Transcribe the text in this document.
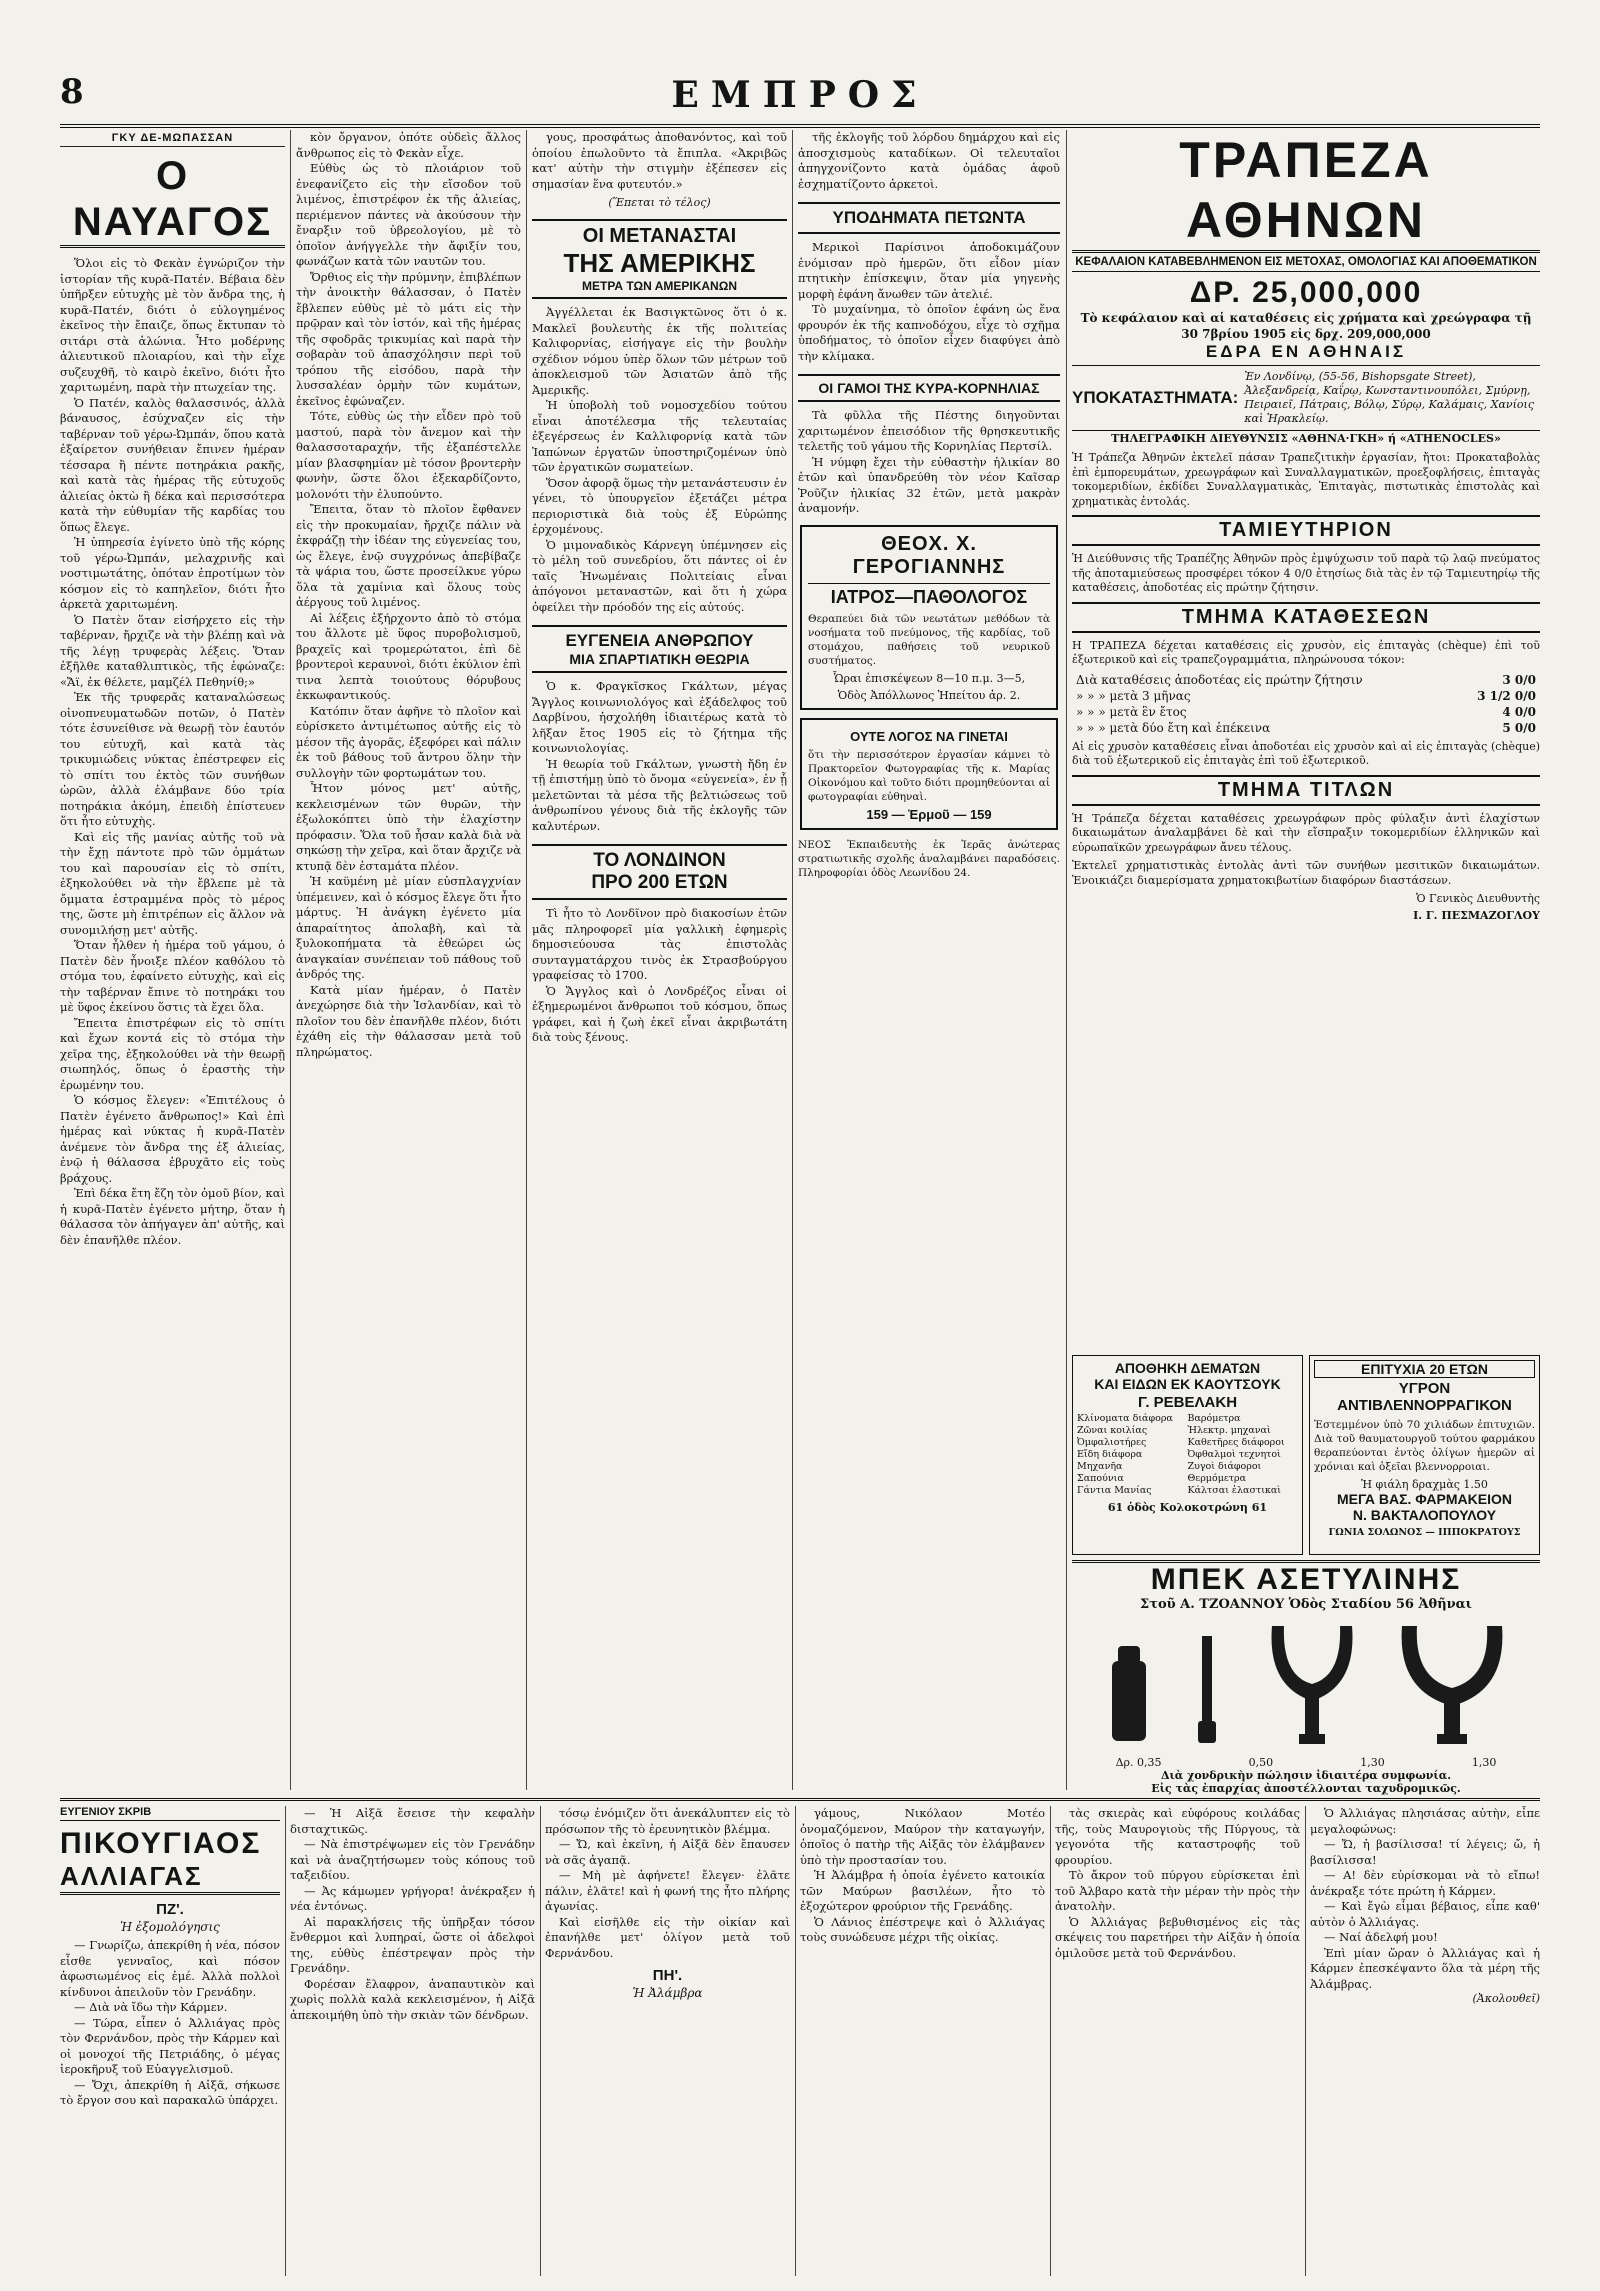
8	ΕΜΠΡΟΣ
ΓΚΥ ΔΕ-ΜΩΠΑΣΣΑΝ
Ο ΝΑΥΑΓΟΣ

Ὅλοι εἰς τὸ Φεκὰν ἐγνώριζον τὴν ἱστορίαν τῆς κυρᾶ-Πατέν. Βέβαια δὲν ὑπῆρξεν εὐτυχὴς μὲ τὸν ἄνδρα της, ἡ κυρᾶ-Πατέν, διότι ὁ εὐλογημένος ἐκεῖνος τὴν ἔπαιζε, ὅπως ἔκτυπαν τὸ σιτάρι στὰ ἁλώνια. Ἦτο μοδέρνης ἁλιευτικοῦ πλοιαρίου, καὶ τὴν εἶχε συζευχθῆ, τὸ καιρὸ ἐκεῖνο, διότι ἦτο χαριτωμένη, παρὰ τὴν πτωχείαν της.

Ὁ Πατέν, καλὸς θαλασσινός, ἀλλὰ βάναυσος, ἐσύχναζεν εἰς τὴν ταβέρναν τοῦ γέρω-Ὠμπάν, ὅπου κατὰ ἐξαίρετον συνήθειαν ἔπινεν ἡμέραν τέσσαρα ἢ πέντε ποτηράκια ρακῆς, καὶ κατὰ τὰς ἡμέρας τῆς εὐτυχοῦς ἁλιείας ὀκτὼ ἢ δέκα καὶ περισσότερα κατὰ τὴν εὐθυμίαν τῆς καρδίας του ὅπως ἔλεγε.

Ἡ ὑπηρεσία ἐγίνετο ὑπὸ τῆς κόρης τοῦ γέρω-Ὠμπάν, μελαχρινῆς καὶ νοστιμωτάτης, ὁπόταν ἐπροτίμων τὸν κόσμον εἰς τὸ καπηλεῖον, διότι ἦτο ἀρκετὰ χαριτωμένη.

Ὁ Πατὲν ὅταν εἰσήρχετο εἰς τὴν ταβέρναν, ἤρχιζε νὰ τὴν βλέπῃ καὶ νὰ τῆς λέγῃ τρυφερὰς λέξεις. Ὅταν ἐξῆλθε καταθλιπτικὸς, τῆς ἐφώναζε: «Ἄϊ, ἐκ θέλετε, μαμζέλ Πεθηνίθ;»

Ἐκ τῆς τρυφερᾶς καταναλώσεως οἰνοπνευματωδῶν ποτῶν, ὁ Πατὲν τότε ἐσυνείθισε νὰ θεωρῇ τὸν ἑαυτόν του εὐτυχῆ, καὶ κατὰ τὰς τρικυμιώδεις νύκτας ἐπέστρεφεν εἰς τὸ σπίτι του ἐκτὸς τῶν συνήθων ὡρῶν, ἀλλὰ ἐλάμβανε δύο τρία ποτηράκια ἀκόμη, ἐπειδὴ ἐπίστευεν ὅτι ἦτο εὐτυχὴς.

Καὶ εἰς τῆς μανίας αὐτῆς τοῦ νὰ τὴν ἔχῃ πάντοτε πρὸ τῶν ὀμμάτων του καὶ παρουσίαν εἰς τὸ σπίτι, ἐξηκολούθει νὰ τὴν ἔβλεπε μὲ τὰ ὄμματα ἐστραμμένα πρὸς τὸ μέρος της, ὥστε μὴ ἐπιτρέπων εἰς ἄλλον νὰ συνομιλήσῃ μετ' αὐτῆς.

Ὅταν ἦλθεν ἡ ἡμέρα τοῦ γάμου, ὁ Πατὲν δὲν ἦνοιξε πλέον καθόλου τὸ στόμα του, ἐφαίνετο εὐτυχὴς, καὶ εἰς τὴν ταβέρναν ἔπινε τὸ ποτηράκι του μὲ ὕφος ἐκείνου ὅστις τὰ ἔχει ὅλα.

Ἔπειτα ἐπιστρέφων εἰς τὸ σπίτι καὶ ἔχων κοντά εἰς τὸ στόμα τὴν χεῖρα της, ἐξηκολούθει νὰ τὴν θεωρῇ σιωπηλός, ὅπως ὁ ἐραστὴς τὴν ἐρωμένην του.

Ὁ κόσμος ἔλεγεν: «Ἐπιτέλους ὁ Πατὲν ἐγένετο ἄνθρωπος!» Καὶ ἐπὶ ἡμέρας καὶ νύκτας ἡ κυρᾶ-Πατὲν ἀνέμενε τὸν ἄνδρα της ἐξ ἁλιείας, ἐνῷ ἡ θάλασσα ἐβρυχᾶτο εἰς τοὺς βράχους.

Ἐπὶ δέκα ἔτη ἔζη τὸν ὁμοῦ βίον, καὶ ἡ κυρᾶ-Πατὲν ἐγένετο μήτηρ, ὅταν ἡ θάλασσα τὸν ἀπήγαγεν ἀπ' αὐτῆς, καὶ δὲν ἐπανῆλθε πλέον.

κὸν ὄργανον, ὁπότε οὐδεὶς ἄλλος ἄνθρωπος εἰς τὸ Φεκὰν εἶχε.

Εὐθὺς ὡς τὸ πλοιάριον τοῦ ἐνεφανίζετο εἰς τὴν εἴσοδον τοῦ λιμένος, ἐπιστρέφον ἐκ τῆς ἁλιείας, περιέμενον πάντες νὰ ἀκούσουν τὴν ἔναρξιν τοῦ ὑβρεολογίου, μὲ τὸ ὁποῖον ἀνήγγελλε τὴν ἄφιξίν του, φωνάζων κατὰ τῶν ναυτῶν του.

Ὄρθιος εἰς τὴν πρύμνην, ἐπιβλέπων τὴν ἀνοικτὴν θάλασσαν, ὁ Πατὲν ἔβλεπεν εὐθὺς μὲ τὸ μάτι εἰς τὴν πρῷραν καὶ τὸν ἱστόν, καὶ τῆς ἡμέρας τῆς σφοδρᾶς τρικυμίας καὶ παρὰ τὴν σοβαρὰν τοῦ ἀπασχόλησιν περὶ τοῦ τρόπου τῆς εἰσόδου, παρὰ τὴν λυσσαλέαν ὁρμὴν τῶν κυμάτων, ἐκεῖνος ἐφώναζεν.

Τότε, εὐθὺς ὡς τὴν εἶδεν πρὸ τοῦ μαστού, παρὰ τὸν ἄνεμον καὶ τὴν θαλασσοταραχήν, τῆς ἐξαπέστελλε μίαν βλασφημίαν μὲ τόσον βροντερὴν φωνὴν, ὥστε ὅλοι ἐξεκαρδίζοντο, μολονότι τὴν ἐλυπούντο.

Ἔπειτα, ὅταν τὸ πλοῖον ἔφθανεν εἰς τὴν προκυμαίαν, ἤρχιζε πάλιν νὰ ἐκφράζῃ τὴν ἰδέαν της εὐγενείας του, ὡς ἔλεγε, ἐνῷ συγχρόνως ἀπεβίβαζε τὰ ψάρια του, ὥστε προσείλκυε γύρω ὅλα τὰ χαμίνια καὶ ὅλους τοὺς ἀέργους τοῦ λιμένος.

Αἱ λέξεις ἐξήρχοντο ἀπὸ τὸ στόμα του ἄλλοτε μὲ ὕφος πυροβολισμοῦ, βραχεῖς καὶ τρομερώτατοι, ἐπὶ δὲ βροντεροὶ κεραυνοὶ, διότι ἐκύλιον ἐπὶ τινα λεπτὰ τοιούτους θόρυβους ἐκκωφαντικούς.

Κατόπιν ὅταν ἀφῆνε τὸ πλοῖον καὶ εὑρίσκετο ἀντιμέτωπος αὐτῆς εἰς τὸ μέσον τῆς ἀγορᾶς, ἐξεφόρει καὶ πάλιν ἐκ τοῦ βάθους τοῦ ἄντρου ὅλην τὴν συλλογὴν τῶν φορτωμάτων του.

Ἦτον μόνος μετ' αὐτῆς, κεκλεισμένων τῶν θυρῶν, τὴν ἐξωλοκόπτει ὑπὸ τὴν ἐλαχίστην πρόφασιν. Ὅλα τοῦ ἦσαν καλὰ διὰ νὰ σηκώσῃ τὴν χεῖρα, καὶ ὅταν ἄρχιζε νὰ κτυπᾷ δὲν ἐσταμάτα πλέον.

Ἡ καϋμένη μὲ μίαν εὐσπλαγχνίαν ὑπέμεινεν, καὶ ὁ κόσμος ἔλεγε ὅτι ἦτο μάρτυς. Ἡ ἀνάγκη ἐγένετο μία ἀπαραίτητος ἀπολαβὴ, καὶ τὰ ξυλοκοπήματα τὰ ἐθεώρει ὡς ἀναγκαίαν συνέπειαν τοῦ πάθους τοῦ ἀνδρός της.

Κατὰ μίαν ἡμέραν, ὁ Πατὲν ἀνεχώρησε διὰ τὴν Ἰσλανδίαν, καὶ τὸ πλοῖον του δὲν ἐπανῆλθε πλέον, διότι ἐχάθη εἰς τὴν θάλασσαν μετὰ τοῦ πληρώματος.

γους, προσφάτως ἀποθανόντος, καὶ τοῦ ὁποίου ἐπωλοῦντο τὰ ἔπιπλα. «Ἀκριβῶς κατ' αὐτὴν τὴν στιγμὴν ἐξέπεσεν εἰς σημασίαν ἕνα φυτευτόν.»

(Ἕπεται τὸ τέλος)
ΟΙ ΜΕΤΑΝΑΣΤΑΙ
ΤΗΣ ΑΜΕΡΙΚΗΣ
ΜΕΤΡΑ ΤΩΝ ΑΜΕΡΙΚΑΝΩΝ

Ἀγγέλλεται ἐκ Βασιγκτῶνος ὅτι ὁ κ. Μακλεϊ βουλευτὴς ἐκ τῆς πολιτείας Καλιφορνίας, εἰσήγαγε εἰς τὴν βουλὴν σχέδιον νόμου ὑπὲρ ὅλων τῶν μέτρων τοῦ ἀποκλεισμοῦ τῶν Ἀσιατῶν ἀπὸ τῆς Ἀμερικῆς.

Ἡ ὑποβολὴ τοῦ νομοσχεδίου τούτου εἶναι ἀποτέλεσμα τῆς τελευταίας ἐξεγέρσεως ἐν Καλλιφορνίᾳ κατὰ τῶν Ἰαπώνων ἐργατῶν ὑποστηριζομένων ὑπὸ τῶν ἐργατικῶν σωματείων.

Ὅσον ἀφορᾷ ὅμως τὴν μετανάστευσιν ἐν γένει, τὸ ὑπουργεῖον ἐξετάζει μέτρα περιοριστικὰ διὰ τοὺς ἐξ Εὐρώπης ἐρχομένους.

Ὁ μιμοναδικὸς Κάρνεγη ὑπέμνησεν εἰς τὸ μέλη τοῦ συνεδρίου, ὅτι πάντες οἱ ἐν ταῖς Ἡνωμέναις Πολιτείαις εἶναι ἀπόγονοι μεταναστῶν, καὶ ὅτι ἡ χώρα ὀφείλει τὴν πρόοδόν της εἰς αὐτούς.

ΕΥΓΕΝΕΙΑ ΑΝΘΡΩΠΟΥ
ΜΙΑ ΣΠΑΡΤΙΑΤΙΚΗ ΘΕΩΡΙΑ

Ὁ κ. Φραγκῖσκος Γκάλτων, μέγας Ἄγγλος κοινωνιολόγος καὶ ἐξάδελφος τοῦ Δαρβίνου, ἠσχολήθη ἰδιαιτέρως κατὰ τὸ λῆξαν ἔτος 1905 εἰς τὸ ζήτημα τῆς κοινωνιολογίας.

Ἡ θεωρία τοῦ Γκάλτων, γνωστὴ ἤδη ἐν τῇ ἐπιστήμῃ ὑπὸ τὸ ὄνομα «εὐγενεία», ἐν ᾗ μελετῶνται τὰ μέσα τῆς βελτιώσεως τοῦ ἀνθρωπίνου γένους διὰ τῆς ἐκλογῆς τῶν καλυτέρων.

ΤΟ ΛΟΝΔΙΝΟΝ
ΠΡΟ 200 ΕΤΩΝ

Τὶ ἦτο τὸ Λονδῖνον πρὸ διακοσίων ἐτῶν μᾶς πληροφορεῖ μία γαλλικὴ ἐφημερὶς δημοσιεύουσα τὰς ἐπιστολὰς συνταγματάρχου τινὸς ἐκ Στρασβούργου γραφείσας τὸ 1700.

Ὁ Ἄγγλος καὶ ὁ Λονδρέζος εἶναι οἱ ἐξημερωμένοι ἄνθρωποι τοῦ κόσμου, ὅπως γράφει, καὶ ἡ ζωὴ ἐκεῖ εἶναι ἀκριβωτάτη διὰ τοὺς ξένους.

τῆς ἐκλογῆς τοῦ λόρδου δημάρχου καὶ εἰς ἀποσχισμοὺς καταδίκων. Οἱ τελευταῖοι ἀπηγχονίζοντο κατὰ ὁμάδας ἀφοῦ ἐσχηματίζοντο ἀρκετοὶ.

ΥΠΟΔΗΜΑΤΑ ΠΕΤΩΝΤΑ

Μερικοὶ Παρίσινοι ἀποδοκιμάζουν ἐνόμισαν πρὸ ἡμερῶν, ὅτι εἶδον μίαν πτητικὴν ἐπίσκεψιν, ὅταν μία γηγενὴς μορφὴ ἐφάνη ἄνωθεν τῶν ἀτελιέ.

Τὸ μυχαίνημα, τὸ ὁποῖον ἐφάνη ὡς ἕνα φρουρόν ἐκ τῆς καπνοδόχου, εἶχε τὸ σχῆμα ὑποδήματος, τὸ ὁποῖον εἶχεν διαφύγει ἀπὸ τὴν κλίμακα.

ΟΙ ΓΑΜΟΙ ΤΗΣ ΚΥΡΑ-ΚΟΡΝΗΛΙΑΣ

Τὰ φῦλλα τῆς Πέστης διηγοῦνται χαριτωμένον ἐπεισόδιον τῆς θρησκευτικῆς τελετῆς τοῦ γάμου τῆς Κορνηλίας Περτσίλ.

Ἡ νύμφη ἔχει τὴν εὐθαστὴν ἡλικίαν 80 ἐτῶν καὶ ὑπανδρεύθη τὸν νέον Καῖσαρ Ῥοῦζιν ἡλικίας 32 ἐτῶν, μετὰ μακρὰν ἀναμονήν.

ΘΕΟΧ. Χ. ΓΕΡΟΓΙΑΝΝΗΣ
ΙΑΤΡΟΣ—ΠΑΘΟΛΟΓΟΣ
Θεραπεύει διὰ τῶν νεωτάτων μεθόδων τὰ νοσήματα τοῦ πνεύμονος, τῆς καρδίας, τοῦ στομάχου, παθήσεις τοῦ νευρικοῦ συστήματος.
Ὧραι ἐπισκέψεων 8—10 π.μ. 3—5,
Ὁδὸς Ἀπόλλωνος Ἡπείτου ἀρ. 2.
ΟΥΤΕ ΛΟΓΟΣ ΝΑ ΓΙΝΕΤΑΙ
ὅτι τὴν περισσότερον ἐργασίαν κάμνει τὸ Πρακτορεῖον Φωτογραφίας τῆς κ. Μαρίας Οἰκονόμου καὶ τοῦτο διότι προμηθεύονται αἱ φωτογραφίαι εὐθηναὶ.
159 — Ἑρμοῦ — 159
ΝΕΟΣ Ἐκπαιδευτὴς ἐκ Ἱερᾶς ἀνώτερας στρατιωτικῆς σχολῆς ἀναλαμβάνει παραδόσεις. Πληροφορίαι ὁδὸς Λεωνίδου 24.
ΤΡΑΠΕΖΑ ΑΘΗΝΩΝ
ΚΕΦΑΛΑΙΟΝ ΚΑΤΑΒΕΒΛΗΜΕΝΟΝ ΕΙΣ ΜΕΤΟΧΑΣ, ΟΜΟΛΟΓΙΑΣ ΚΑΙ ΑΠΟΘΕΜΑΤΙΚΟΝ
ΔΡ. 25,000,000
Τὸ κεφάλαιον καὶ αἱ καταθέσεις εἰς χρήματα καὶ χρεώγραφα τῇ 30 7βρίου 1905 εἰς δρχ. 209,000,000
ΕΔΡΑ ΕΝ ΑΘΗΝΑΙΣ
ΥΠΟΚΑΤΑΣΤΗΜΑΤΑ:
Ἐν Λονδίνῳ, (55-56, Bishopsgate Street), Ἀλεξανδρείᾳ, Καΐρῳ, Κωνσταντινουπόλει, Σμύρνῃ, Πειραιεῖ, Πάτραις, Βόλῳ, Σύρῳ, Καλάμαις, Χανίοις καὶ Ἡρακλείῳ.
ΤΗΛΕΓΡΑΦΙΚΗ ΔΙΕΥΘΥΝΣΙΣ «ΑΘΗΝΑ·ΓΚΗ» ή «ATHENOCLES»
Ἡ Τράπεζα Ἀθηνῶν ἐκτελεῖ πάσαν Τραπεζιτικὴν ἐργασίαν, ἤτοι: Προκαταβολὰς ἐπὶ ἐμπορευμάτων, χρεωγράφων καὶ Συναλλαγματικῶν, προεξοφλήσεις, ἐπιταγὰς τοκομεριδίων, ἐκδίδει Συναλλαγματικὰς, Ἐπιταγὰς, πιστωτικὰς ἐπιστολὰς καὶ χρηματικὰς ἐντολάς.
ΤΑΜΙΕΥΤΗΡΙΟΝ
Ἡ Διεύθυνσις τῆς Τραπέζης Ἀθηνῶν πρὸς ἐμψύχωσιν τοῦ παρὰ τῷ λαῷ πνεύματος τῆς ἀποταμιεύσεως προσφέρει τόκον 4 0/0 ἐτησίως διὰ τὰς ἐν τῷ Ταμιευτηρίῳ τῆς καταθέσεις, ἀποδοτέας εἰς πρώτην ζήτησιν.
ΤΜΗΜΑ ΚΑΤΑΘΕΣΕΩΝ
Η ΤΡΑΠΕΖΑ δέχεται καταθέσεις εἰς χρυσὸν, εἰς ἐπιταγὰς (chèque) ἐπὶ τοῦ ἐξωτερικοῦ καὶ εἰς τραπεζογραμμάτια, πληρώνουσα τόκον:
Διὰ καταθέσεις ἀποδοτέας εἰς πρώτην ζήτησιν	3 0/0
» » » μετὰ 3 μῆνας	3 1/2 0/0
» » » μετὰ ἓν ἔτος	4 0/0
» » » μετὰ δύο ἔτη καὶ ἐπέκεινα	5 0/0
Αἱ εἰς χρυσὸν καταθέσεις εἶναι ἀποδοτέαι εἰς χρυσὸν καὶ αἱ εἰς ἐπιταγὰς (chèque) διὰ τοῦ ἐξωτερικοῦ εἰς ἐπιταγὰς ἐπὶ τοῦ ἐξωτερικοῦ.
ΤΜΗΜΑ ΤΙΤΛΩΝ
Ἡ Τράπεζα δέχεται καταθέσεις χρεωγράφων πρὸς φύλαξιν ἀντὶ ἐλαχίστων δικαιωμάτων ἀναλαμβάνει δὲ καὶ τὴν εἴσπραξιν τοκομεριδίων ἑλληνικῶν καὶ εὐρωπαϊκῶν χρεωγράφων ἄνευ τέλους.
Ἐκτελεῖ χρηματιστικὰς ἐντολὰς ἀντὶ τῶν συνήθων μεσιτικῶν δικαιωμάτων. Ἐνοικιάζει διαμερίσματα χρηματοκιβωτίων διαφόρων διαστάσεων.
Ὁ Γενικὸς Διευθυντὴς
Ι. Γ. ΠΕΣΜΑΖΟΓΛΟΥ
ΑΠΟΘΗΚΗ ΔΕΜΑΤΩΝ
ΚΑΙ ΕΙΔΩΝ ΕΚ ΚΑΟΥΤΣΟΥΚ
Γ. ΡΕΒΕΛΑΚΗ
Κλίνοματα διάφορα	Βαρόμετρα
Ζῶναι κοιλίας	Ἠλεκτρ. μηχαναὶ
Ὀμφαλιοτήρες	Καθετῆρες διάφοροι
Εἴδη διάφορα	Ὀφθαλμοὶ τεχνητοὶ
Μηχανῆα	Ζυγοὶ διάφοροι
Σαπούνια	Θερμόμετρα
Γάντια Μανίας	Κάλτσαι ἐλαστικαὶ
61 ὁδὸς Κολοκοτρώνη 61
ΕΠΙΤΥΧΙΑ 20 ΕΤΩΝ
ΥΓΡΟΝ ΑΝΤΙΒΛΕΝΝΟΡΡΑΓΙΚΟΝ
Ἐστεμμένον ὑπὸ 70 χιλιάδων ἐπιτυχιῶν. Διὰ τοῦ θαυματουργοῦ τούτου φαρμάκου θεραπεύονται ἐντὸς ὀλίγων ἡμερῶν αἱ χρόνιαι καὶ ὀξεῖαι βλεννορροιαι.
Ἡ φιάλη δραχμὰς 1.50
ΜΕΓΑ ΒΑΣ. ΦΑΡΜΑΚΕΙΟΝ
Ν. ΒΑΚΤΑΛΟΠΟΥΛΟΥ
ΓΩΝΙΑ ΣΟΛΩΝΟΣ — ΙΠΠΟΚΡΑΤΟΥΣ
ΜΠΕΚ ΑΣΕΤΥΛΙΝΗΣ
Στοῦ Α. ΤΖΟΑΝΝΟΥ Ὁδὸς Σταδίου 56 Ἀθῆναι
Δρ. 0,35	0,50	1,30	1,30
Διὰ χονδρικὴν πώλησιν ἰδιαιτέρα συμφωνία.
Εἰς τὰς ἐπαρχίας ἀποστέλλονται ταχυδρομικῶς.
ΕΥΓΕΝΙΟΥ ΣΚΡΙΒ
ΠΙΚΟΥΓΙΑΟΣ
ΑΛΛΙΑΓΑΣ
ΠΖ'.
Ἡ ἐξομολόγησις

— Γνωρίζω, ἀπεκρίθη ἡ νέα, πόσον εἶσθε γενναῖος, καὶ πόσον ἀφωσιωμένος εἰς ἐμέ. Ἀλλὰ πολλοὶ κίνδυνοι ἀπειλοῦν τὸν Γρενάδην.

— Διὰ νὰ ἴδω τὴν Κάρμεν.

— Τώρα, εἶπεν ὁ Ἀλλιάγας πρὸς τὸν Φερνάνδον, πρὸς τὴν Κάρμεν καὶ οἱ μονοχοί τῆς Πετριάδης, ὁ μέγας ἱεροκῆρυξ τοῦ Εὐαγγελισμοῦ.

— Ὄχι, ἀπεκρίθη ἡ Αἰξᾶ, σήκωσε τὸ ἔργον σου καὶ παρακαλῶ ὑπάρχει.

— Ἡ Αἰξᾶ ἔσεισε τὴν κεφαλὴν δισταχτικῶς.

— Νὰ ἐπιστρέψωμεν εἰς τὸν Γρενάδην καὶ νὰ ἀναζητήσωμεν τοὺς κόπους τοῦ ταξειδίου.

— Ἀς κάμωμεν γρήγορα! ἀνέκραξεν ἡ νέα ἐντόνως.

Αἱ παρακλήσεις τῆς ὑπῆρξαν τόσον ἔνθερμοι καὶ λυπηραί, ὥστε οἱ ἀδελφοὶ της, εὐθὺς ἐπέστρεψαν πρὸς τὴν Γρενάδην.

Φορέσαν ἔλαφρον, ἀναπαυτικὸν καὶ χωρὶς πολλὰ καλὰ κεκλεισμένον, ἡ Αἰξᾶ ἀπεκοιμήθη ὑπὸ τὴν σκιὰν τῶν δένδρων.

τόσῳ ἐνόμιζεν ὅτι ἀνεκάλυπτεν εἰς τὸ πρόσωπον τῆς τὸ ἐρευνητικὸν βλέμμα.

— Ὤ, καὶ ἐκεῖνη, ἡ Αἰξᾶ δὲν ἔπαυσεν νὰ σᾶς ἀγαπᾷ.

— Μὴ μὲ ἀφήνετε! ἔλεγεν· ἐλᾶτε πάλιν, ἐλᾶτε! καὶ ἡ φωνή της ἦτο πλήρης ἀγωνίας.

Καὶ εἰσῆλθε εἰς τὴν οἰκίαν καὶ ἐπανήλθε μετ' ὀλίγον μετὰ τοῦ Φερνάνδου.

ΠΗ'.
Ἡ Ἀλάμβρα

γάμους, Νικόλαον Μοτέο ὀνομαζόμενον, Μαύρον τὴν καταγωγήν, ὁποῖος ὁ πατὴρ τῆς Αἰξᾶς τὸν ἐλάμβανεν ὑπὸ τὴν προστασίαν του.

Ἡ Ἀλάμβρα ἡ ὁποία ἐγένετο κατοικία τῶν Μαύρων βασιλέων, ἦτο τὸ ἐξοχώτερον φρούριον τῆς Γρενάδης.

Ὁ Λάνιος ἐπέστρεψε καὶ ὁ Ἀλλιάγας τοὺς συνώδευσε μέχρι τῆς οἰκίας.

τὰς σκιερὰς καὶ εὐφόρους κοιλάδας τῆς, τοὺς Μαυρογιοὺς τῆς Πύργους, τὰ γεγονότα τῆς καταστροφῆς τοῦ φρουρίου.

Τὸ ἄκρον τοῦ πύργου εὑρίσκεται ἐπὶ τοῦ Ἀλβαρο κατὰ τὴν μέραν τὴν πρὸς τὴν ἀνατολὴν.

Ὁ Ἀλλιάγας βεβυθισμένος εἰς τὰς σκέψεις του παρετήρει τὴν Αἰξᾶν ἡ ὁποία ὁμιλοῦσε μετὰ τοῦ Φερνάνδου.

Ὁ Ἀλλιάγας πλησιάσας αὐτὴν, εἶπε μεγαλοφώνως:

— Ὤ, ἡ βασίλισσα! τί λέγεις; ὤ, ἡ βασίλισσα!

— Α! δὲν εὑρίσκομαι νὰ τὸ εἴπω! ἀνέκραξε τότε πρώτη ἡ Κάρμεν.

— Καὶ ἔγὼ εἶμαι βέβαιος, εἶπε καθ' αὐτὸν ὁ Ἀλλιάγας.

— Ναί ἀδελφή μου!

Ἐπὶ μίαν ὥραν ὁ Ἀλλιάγας καὶ ἡ Κάρμεν ἐπεσκέψαντο ὅλα τὰ μέρη τῆς Ἀλάμβρας.

(Ἀκολουθεῖ)
